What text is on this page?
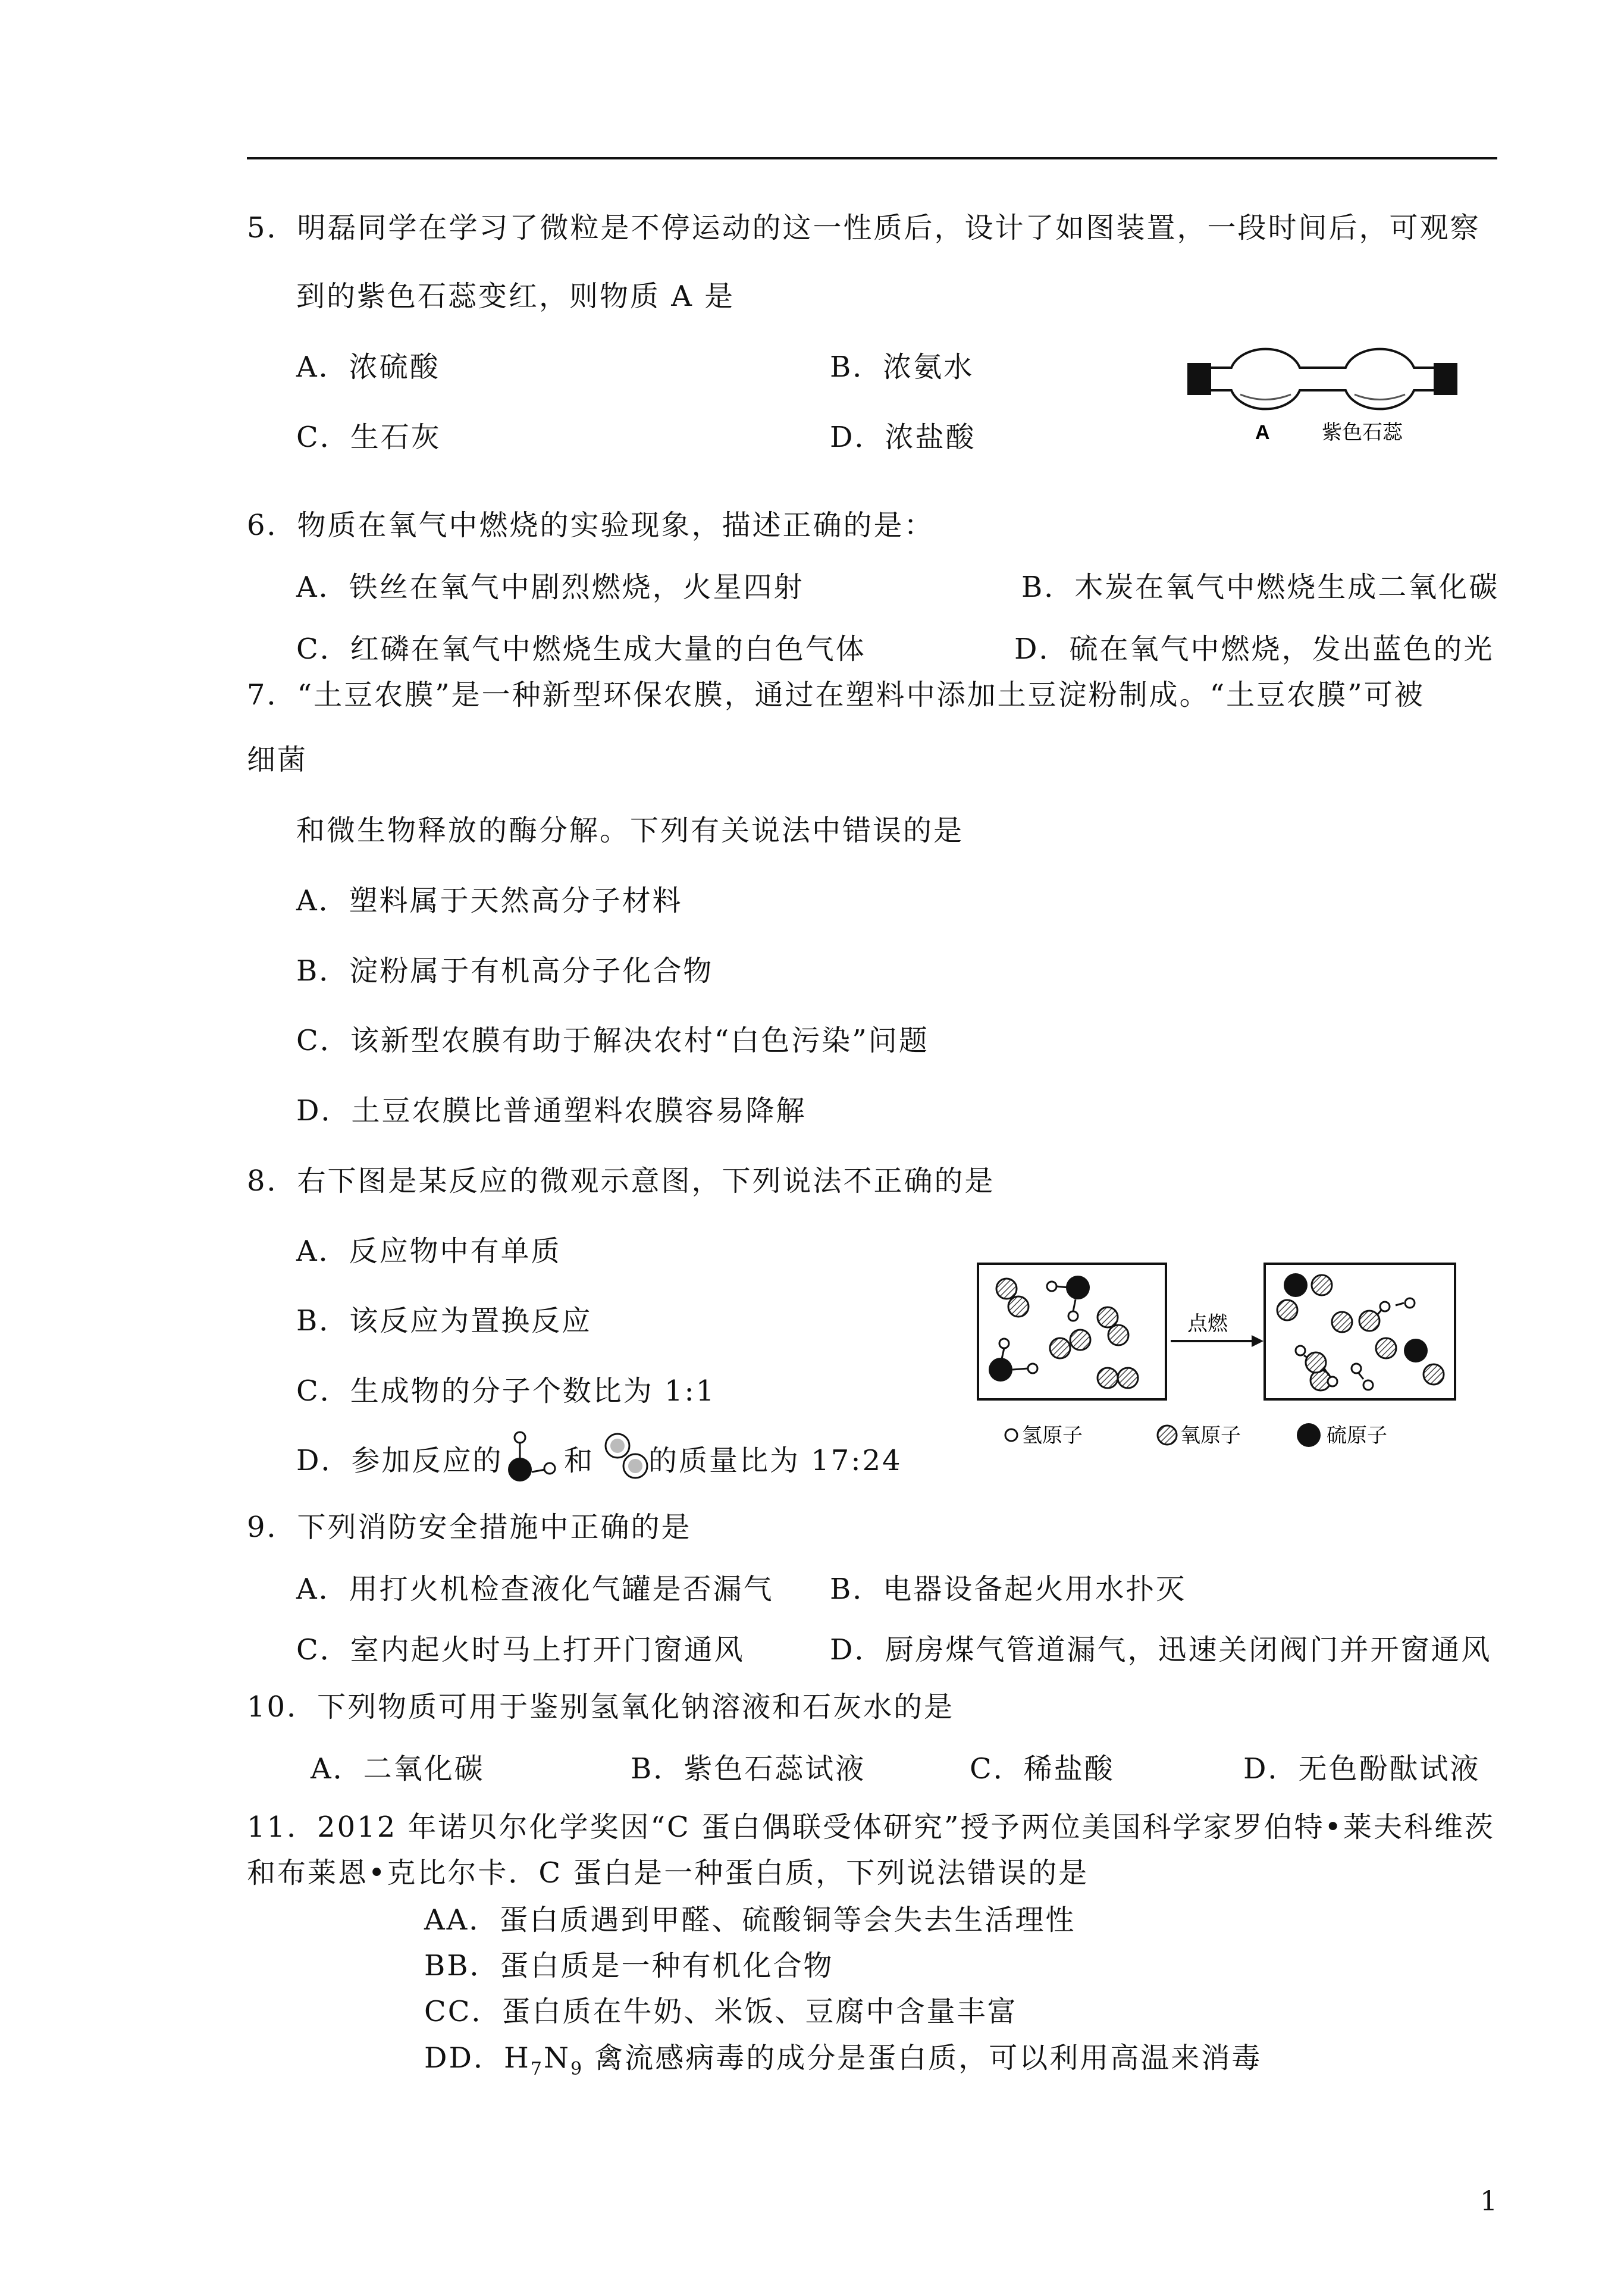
5．明磊同学在学习了微粒是不停运动的这一性质后，设计了如图装置，一段时间后，可观察
到的紫色石蕊变红，则物质 A 是
A．浓硫酸	B．浓氨水
C．生石灰	D．浓盐酸	A	紫色石蕊
6．物质在氧气中燃烧的实验现象，描述正确的是：
A．铁丝在氧气中剧烈燃烧，火星四射	B．木炭在氧气中燃烧生成二氧化碳
C．红磷在氧气中燃烧生成大量的白色气体	D．硫在氧气中燃烧，发出蓝色的光
7．“土豆农膜”是一种新型环保农膜，通过在塑料中添加土豆淀粉制成。“土豆农膜”可被
细菌
和微生物释放的酶分解。下列有关说法中错误的是
A．塑料属于天然高分子材料
B．淀粉属于有机高分子化合物
C．该新型农膜有助于解决农村“白色污染”问题
D．土豆农膜比普通塑料农膜容易降解
8．右下图是某反应的微观示意图，下列说法不正确的是
A．反应物中有单质
B．该反应为置换反应
C．生成物的分子个数比为 1:1
D．参加反应的 和 的质量比为 17:24
点燃
氢原子	氧原子	硫原子
9．下列消防安全措施中正确的是
A．用打火机检查液化气罐是否漏气 B．电器设备起火用水扑灭
C．室内起火时马上打开门窗通风	D．厨房煤气管道漏气，迅速关闭阀门并开窗通风
10．下列物质可用于鉴别氢氧化钠溶液和石灰水的是
A．二氧化碳	B．紫色石蕊试液	C．稀盐酸	D．无色酚酞试液
11．2012 年诺贝尔化学奖因“C 蛋白偶联受体研究”授予两位美国科学家罗伯特•莱夫科维茨
和布莱恩•克比尔卡．C 蛋白是一种蛋白质，下列说法错误的是
AA．蛋白质遇到甲醛、硫酸铜等会失去生活理性
BB．蛋白质是一种有机化合物
CC．蛋白质在牛奶、米饭、豆腐中含量丰富
DD．$H_7N_9$ 禽流感病毒的成分是蛋白质，可以利用高温来消毒
1
